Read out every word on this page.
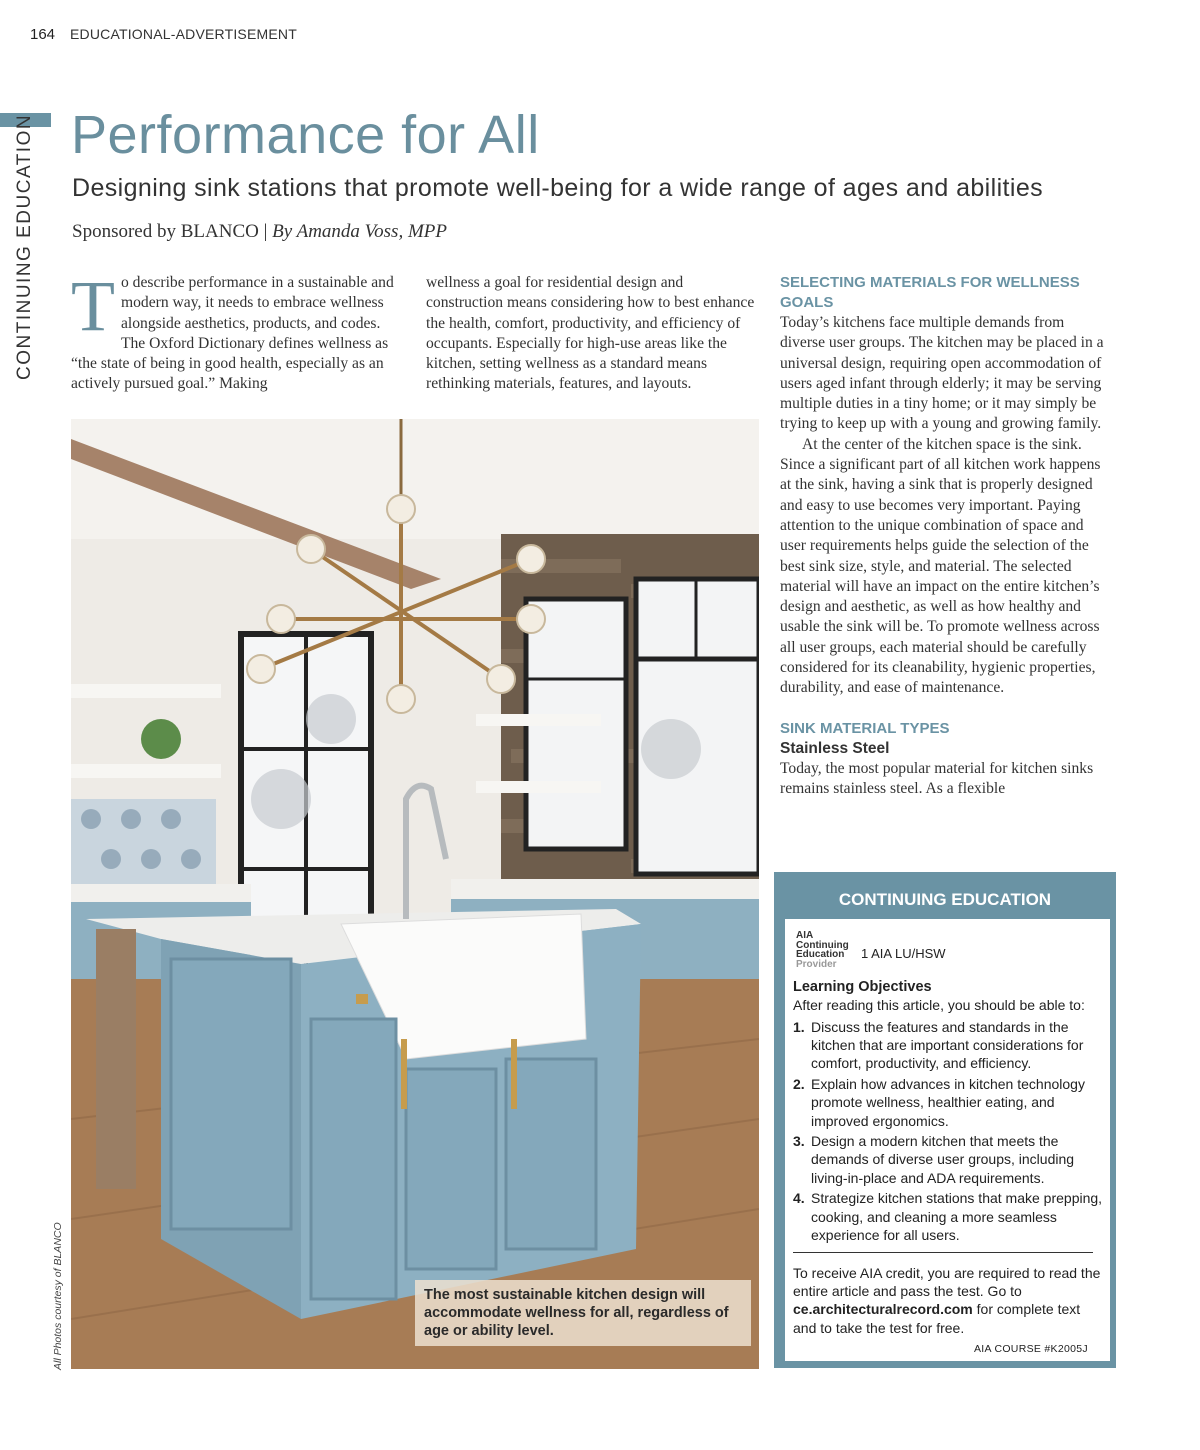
164 EDUCATIONAL-ADVERTISEMENT
CONTINUING EDUCATION Performance for All
Designing sink stations that promote well-being for a wide range of ages and abilities
Sponsored by BLANCO | By Amanda Voss, MPP
To describe performance in a sustainable and modern way, it needs to embrace wellness alongside aesthetics, products, and codes. The Oxford Dictionary defines wellness as “the state of being in good health, especially as an actively pursued goal.” Making
wellness a goal for residential design and construction means considering how to best enhance the health, comfort, productivity, and efficiency of occupants. Especially for high-use areas like the kitchen, setting wellness as a standard means rethinking materials, features, and layouts.
SELECTING MATERIALS FOR WELLNESS GOALS

Today’s kitchens face multiple demands from diverse user groups. The kitchen may be placed in a universal design, requiring open accommodation of users aged infant through elderly; it may be serving multiple duties in a tiny home; or it may simply be trying to keep up with a young and growing family.

At the center of the kitchen space is the sink. Since a significant part of all kitchen work happens at the sink, having a sink that is properly designed and easy to use becomes very important. Paying attention to the unique combination of space and user requirements helps guide the selection of the best sink size, style, and material. The selected material will have an impact on the entire kitchen’s design and aesthetic, as well as how healthy and usable the sink will be. To promote wellness across all user groups, each material should be carefully considered for its cleanability, hygienic properties, durability, and ease of maintenance.

SINK MATERIAL TYPES
Stainless Steel

Today, the most popular material for kitchen sinks remains stainless steel. As a flexible

The most sustainable kitchen design will accommodate wellness for all, regardless of age or ability level.
All Photos courtesy of BLANCO
CONTINUING EDUCATION
AIA
Continuing
Education
Provider
1 AIA LU/HSW
Learning Objectives
After reading this article, you should be able to:
1. Discuss the features and standards in the kitchen that are important considerations for comfort, productivity, and efficiency.
2. Explain how advances in kitchen technology promote wellness, healthier eating, and improved ergonomics.
3. Design a modern kitchen that meets the demands of diverse user groups, including living-in-place and ADA requirements.
4. Strategize kitchen stations that make prepping, cooking, and cleaning a more seamless experience for all users.
To receive AIA credit, you are required to read the entire article and pass the test. Go to ce.architecturalrecord.com for complete text and to take the test for free.
AIA COURSE #K2005J
